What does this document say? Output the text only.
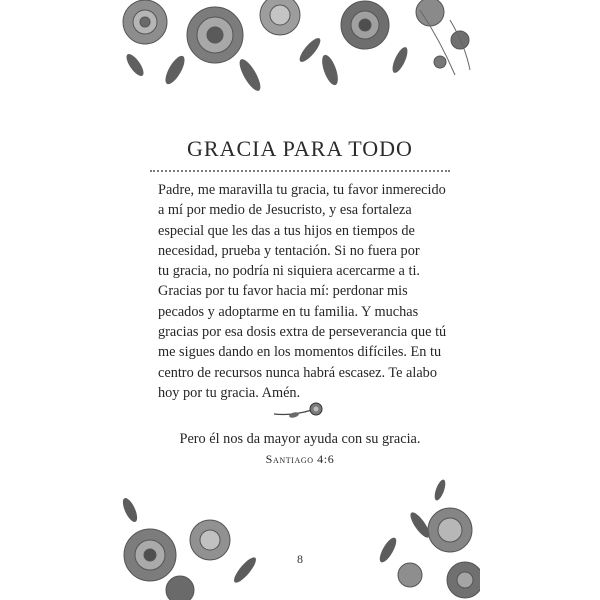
GRACIA PARA TODO
Padre, me maravilla tu gracia, tu favor inmerecido
a mí por medio de Jesucristo, y esa fortaleza
especial que les das a tus hijos en tiempos de
necesidad, prueba y tentación. Si no fuera por
tu gracia, no podría ni siquiera acercarme a ti.
Gracias por tu favor hacia mí: perdonar mis
pecados y adoptarme en tu familia. Y muchas
gracias por esa dosis extra de perseverancia que tú
me sigues dando en los momentos difíciles. En tu
centro de recursos nunca habrá escasez. Te alabo
hoy por tu gracia. Amén.
Pero él nos da mayor ayuda con su gracia.
Santiago 4:6
8
